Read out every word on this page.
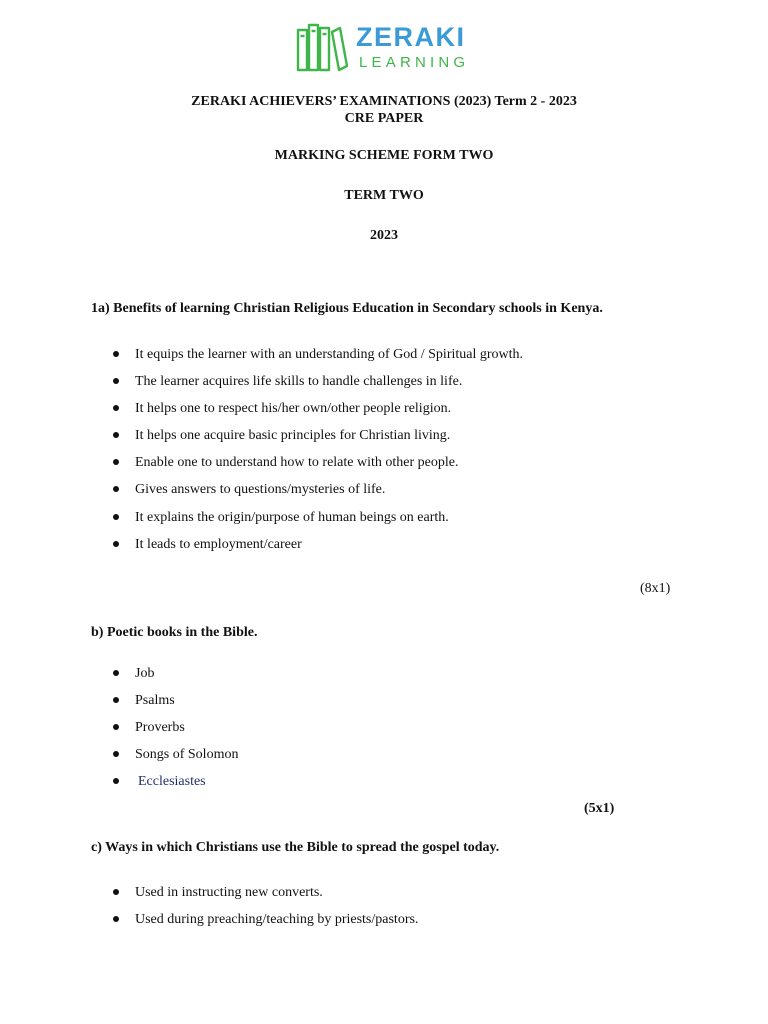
ZERAKI
LEARNING
ZERAKI ACHIEVERS’ EXAMINATIONS (2023) Term 2 - 2023
CRE PAPER
MARKING SCHEME FORM TWO
TERM TWO
2023
1a) Benefits of learning Christian Religious Education in Secondary schools in Kenya.
It equips the learner with an understanding of God / Spiritual growth.
The learner acquires life skills to handle challenges in life.
It helps one to respect his/her own/other people religion.
It helps one acquire basic principles for Christian living.
Enable one to understand how to relate with other people.
Gives answers to questions/mysteries of life.
It explains the origin/purpose of human beings on earth.
It leads to employment/career
(8x1)
b) Poetic books in the Bible.
Job
Psalms
Proverbs
Songs of Solomon
Ecclesiastes
(5x1)
c) Ways in which Christians use the Bible to spread the gospel today.
Used in instructing new converts.
Used during preaching/teaching by priests/pastors.
